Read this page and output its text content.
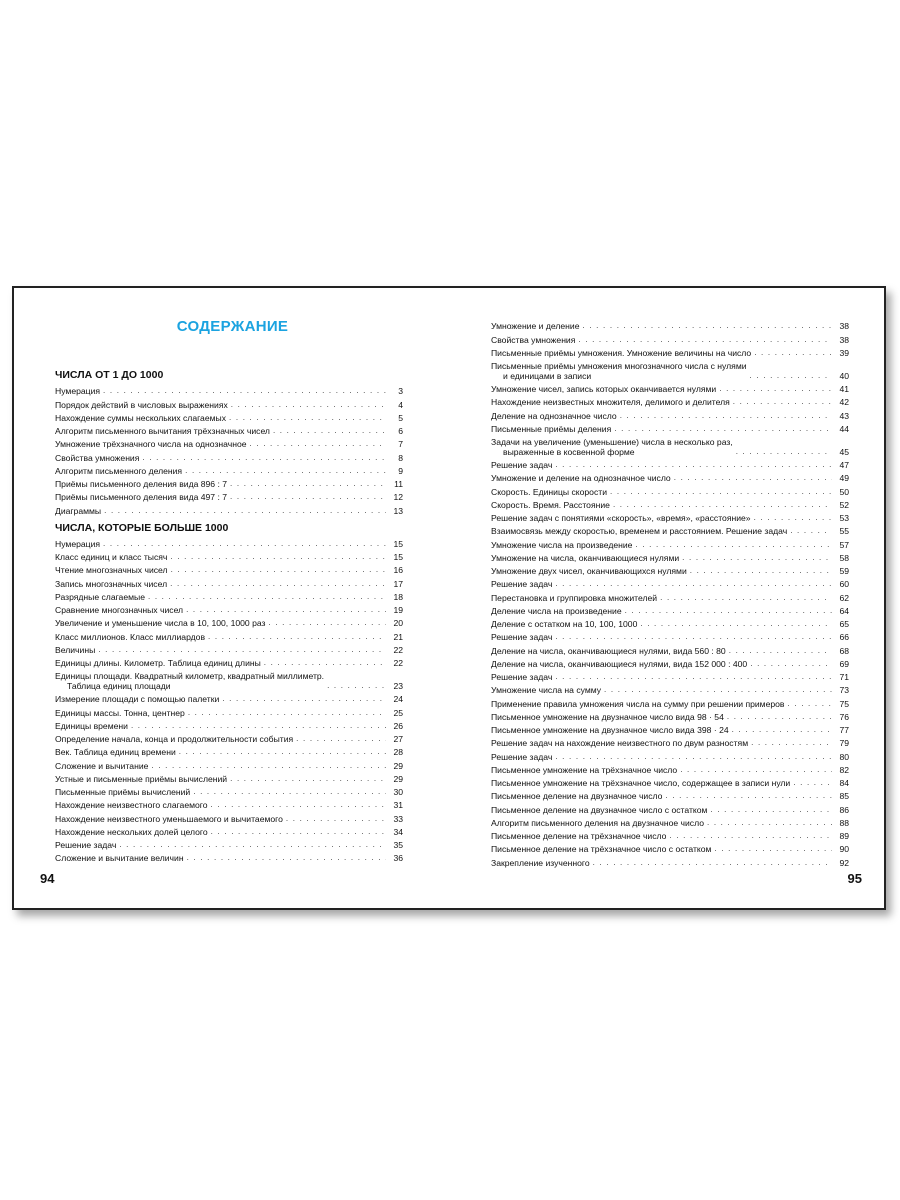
СОДЕРЖАНИЕ
ЧИСЛА ОТ 1 ДО 1000
Нумерация . . .	3
Порядок действий в числовых выражениях . . .	4
Нахождение суммы нескольких слагаемых . . .	5
Алгоритм письменного вычитания трёхзначных чисел . . .	6
Умножение трёхзначного числа на однозначное . . .	7
Свойства умножения . . .	8
Алгоритм письменного деления . . .	9
Приёмы письменного деления вида 896 : 7 . . .	11
Приёмы письменного деления вида 497 : 7 . . .	12
Диаграммы . . .	13
ЧИСЛА, КОТОРЫЕ БОЛЬШЕ 1000
Нумерация . . .	15
Класс единиц и класс тысяч . . .	15
Чтение многозначных чисел . . .	16
Запись многозначных чисел . . .	17
Разрядные слагаемые . . .	18
Сравнение многозначных чисел . . .	19
Увеличение и уменьшение числа в 10, 100, 1000 раз . . .	20
Класс миллионов. Класс миллиардов . . .	21
Величины . . .	22
Единицы длины. Километр. Таблица единиц длины . . .	22
Единицы площади. Квадратный километр, квадратный миллиметр.
Таблица единиц площади . . .	23
Измерение площади с помощью палетки . . .	24
Единицы массы. Тонна, центнер . . .	25
Единицы времени . . .	26
Определение начала, конца и продолжительности события . . .	27
Век. Таблица единиц времени . . .	28
Сложение и вычитание . . .	29
Устные и письменные приёмы вычислений . . .	29
Письменные приёмы вычислений . . .	30
Нахождение неизвестного слагаемого . . .	31
Нахождение неизвестного уменьшаемого и вычитаемого . . .	33
Нахождение нескольких долей целого . . .	34
Решение задач . . .	35
Сложение и вычитание величин . . .	36
94
Умножение и деление . . .	38
Свойства умножения . . .	38
Письменные приёмы умножения. Умножение величины на число . . .	39
Письменные приёмы умножения многозначного числа с нулями
и единицами в записи . . .	40
Умножение чисел, запись которых оканчивается нулями . . .	41
Нахождение неизвестных множителя, делимого и делителя . . .	42
Деление на однозначное число . . .	43
Письменные приёмы деления . . .	44
Задачи на увеличение (уменьшение) числа в несколько раз,
выраженные в косвенной форме . . .	45
Решение задач . . .	47
Умножение и деление на однозначное число . . .	49
Скорость. Единицы скорости . . .	50
Скорость. Время. Расстояние . . .	52
Решение задач с понятиями «скорость», «время», «расстояние» . . .	53
Взаимосвязь между скоростью, временем и расстоянием. Решение задач . . .	55
Умножение числа на произведение . . .	57
Умножение на числа, оканчивающиеся нулями . . .	58
Умножение двух чисел, оканчивающихся нулями . . .	59
Решение задач . . .	60
Перестановка и группировка множителей . . .	62
Деление числа на произведение . . .	64
Деление с остатком на 10, 100, 1000 . . .	65
Решение задач . . .	66
Деление на числа, оканчивающиеся нулями, вида 560 : 80 . . .	68
Деление на числа, оканчивающиеся нулями, вида 152 000 : 400 . . .	69
Решение задач . . .	71
Умножение числа на сумму . . .	73
Применение правила умножения числа на сумму при решении примеров . . .	75
Письменное умножение на двузначное число вида 98 · 54 . . .	76
Письменное умножение на двузначное число вида 398 · 24 . . .	77
Решение задач на нахождение неизвестного по двум разностям . . .	79
Решение задач . . .	80
Письменное умножение на трёхзначное число . . .	82
Письменное умножение на трёхзначное число, содержащее в записи нули . . .	84
Письменное деление на двузначное число . . .	85
Письменное деление на двузначное число с остатком . . .	86
Алгоритм письменного деления на двузначное число . . .	88
Письменное деление на трёхзначное число . . .	89
Письменное деление на трёхзначное число с остатком . . .	90
Закрепление изученного . . .	92
95
